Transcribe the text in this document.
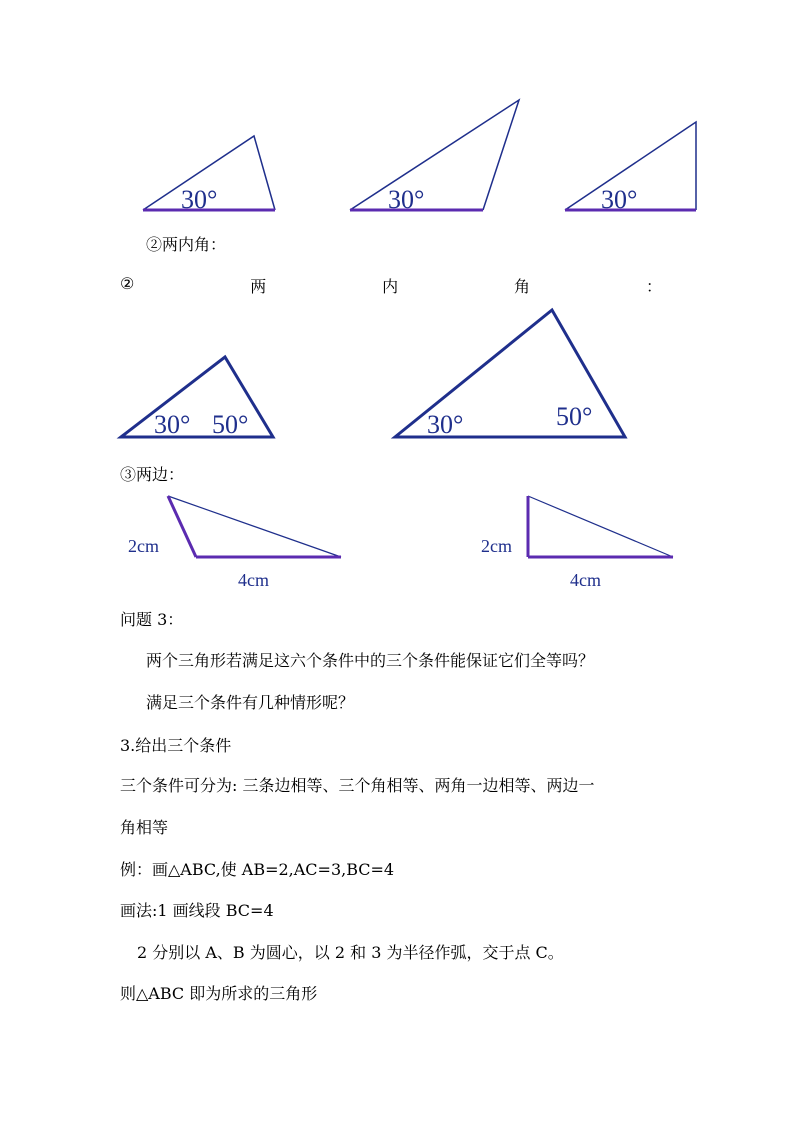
30°	30°	30°
②两内角：
②	两	内	角	：
30° 50°	30°	50°
③两边：
2cm
4cm
2cm
4cm
问题 3：
两个三角形若满足这六个条件中的三个条件能保证它们全等吗？
满足三个条件有几种情形呢？
3.给出三个条件
三个条件可分为: 三条边相等、三个角相等、两角一边相等、两边一
角相等
例：画△ABC,使 AB=2,AC=3,BC=4
画法:1 画线段 BC=4
2 分别以 A、B 为圆心，以 2 和 3 为半径作弧，交于点 C。
则△ABC 即为所求的三角形
